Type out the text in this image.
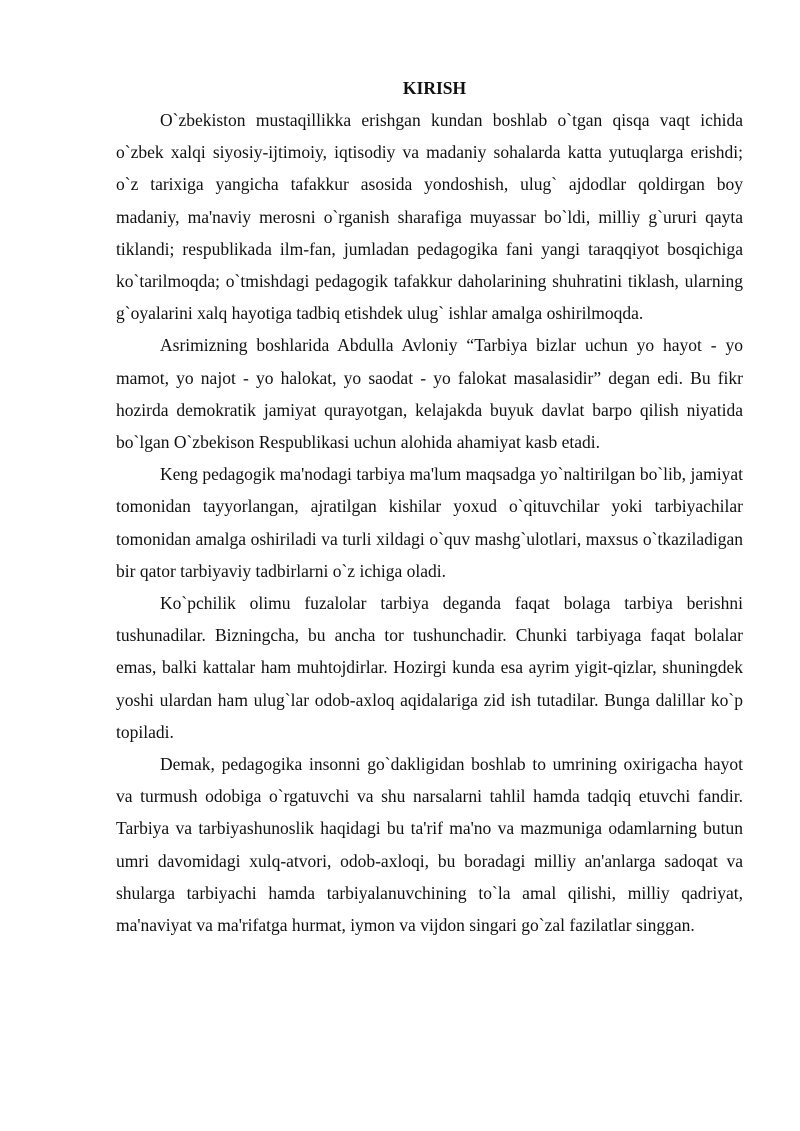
KIRISH

O`zbekiston mustaqillikka erishgan kundan boshlab o`tgan qisqa vaqt ichida o`zbek xalqi siyosiy-ijtimoiy, iqtisodiy va madaniy sohalarda katta yutuqlarga erishdi; o`z tarixiga yangicha tafakkur asosida yondoshish, ulug` ajdodlar qoldirgan boy madaniy, ma'naviy merosni o`rganish sharafiga muyassar bo`ldi, milliy g`ururi qayta tiklandi; respublikada ilm-fan, jumladan pedagogika fani yangi taraqqiyot bosqichiga ko`tarilmoqda; o`tmishdagi pedagogik tafakkur daholarining shuhratini tiklash, ularning g`oyalarini xalq hayotiga tadbiq etishdek ulug` ishlar amalga oshirilmoqda.

Asrimizning boshlarida Abdulla Avloniy “Tarbiya bizlar uchun yo hayot - yo mamot, yo najot - yo halokat, yo saodat - yo falokat masalasidir” degan edi. Bu fikr hozirda demokratik jamiyat qurayotgan, kelajakda buyuk davlat barpo qilish niyatida bo`lgan O`zbekison Respublikasi uchun alohida ahamiyat kasb etadi.

Keng pedagogik ma'nodagi tarbiya ma'lum maqsadga yo`naltirilgan bo`lib, jamiyat tomonidan tayyorlangan, ajratilgan kishilar yoxud o`qituvchilar yoki tarbiyachilar tomonidan amalga oshiriladi va turli xildagi o`quv mashg`ulotlari, maxsus o`tkaziladigan bir qator tarbiyaviy tadbirlarni o`z ichiga oladi.

Ko`pchilik olimu fuzalolar tarbiya deganda faqat bolaga tarbiya berishni tushunadilar. Bizningcha, bu ancha tor tushunchadir. Chunki tarbiyaga faqat bolalar emas, balki kattalar ham muhtojdirlar. Hozirgi kunda esa ayrim yigit-qizlar, shuningdek yoshi ulardan ham ulug`lar odob-axloq aqidalariga zid ish tutadilar. Bunga dalillar ko`p topiladi.

Demak, pedagogika insonni go`dakligidan boshlab to umrining oxirigacha hayot va turmush odobiga o`rgatuvchi va shu narsalarni tahlil hamda tadqiq etuvchi fandir. Tarbiya va tarbiyashunoslik haqidagi bu ta'rif ma'no va mazmuniga odamlarning butun umri davomidagi xulq-atvori, odob-axloqi, bu boradagi milliy an'anlarga sadoqat va shularga tarbiyachi hamda tarbiyalanuvchining to`la amal qilishi, milliy qadriyat, ma'naviyat va ma'rifatga hurmat, iymon va vijdon singari go`zal fazilatlar singgan.
